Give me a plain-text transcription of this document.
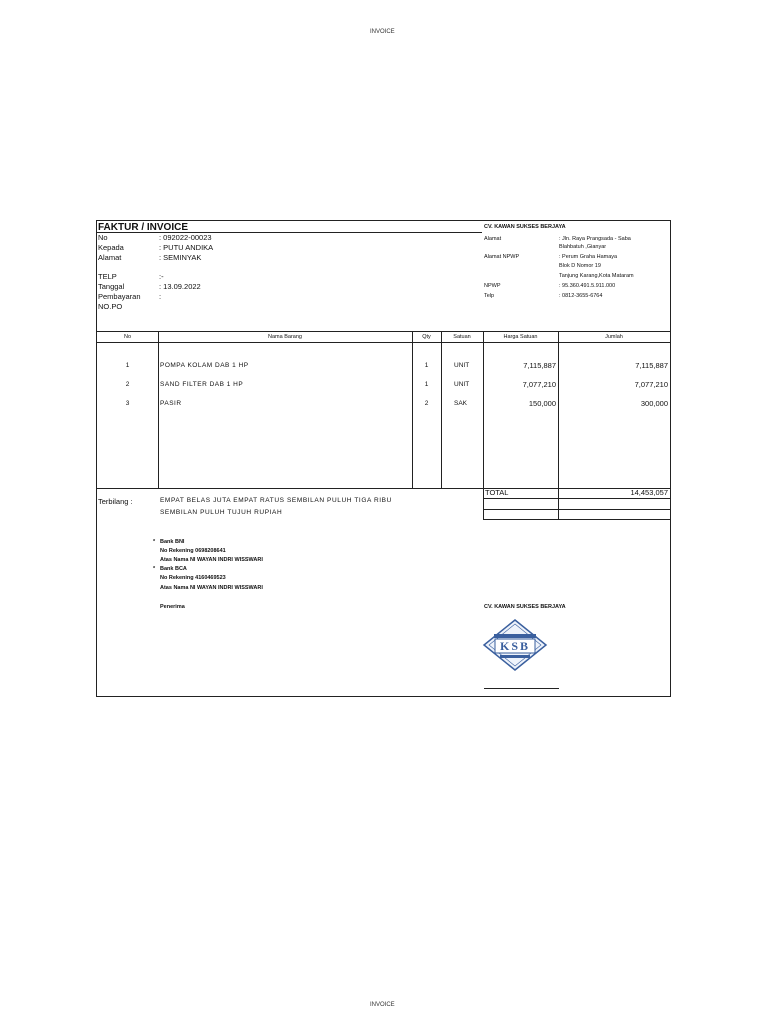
INVOICE
INVOICE
FAKTUR / INVOICE	CV. KAWAN SUKSES BERJAYA
No	: 092022-00023
Kepada	: PUTU ANDIKA
Alamat	: SEMINYAK
TELP	:-
Tanggal	: 13.09.2022
Pembayaran :
NO.PO
Alamat	: Jln. Raya Prangsada - Saba
Blahbatuh ,Gianyar
Alamat NPWP	: Perum Graha Hamaya
Blok D Nomor 19
Tanjung Karang,Kota Mataram
NPWP	: 95.360.491.5.911.000
Telp	: 0812-3655-6764
No	Nama Barang	Qty	Satuan	Harga Satuan	Jumlah
1	POMPA KOLAM DAB 1 HP	1	UNIT	7,115,887	7,115,887
2	SAND FILTER DAB 1 HP	1	UNIT	7,077,210	7,077,210
3	PASIR	2	SAK	150,000	300,000
TOTAL	14,453,057
Terbilang :	EMPAT BELAS JUTA EMPAT RATUS SEMBILAN PULUH TIGA RIBU
SEMBILAN PULUH TUJUH RUPIAH
* Bank BNI
No Rekening 0698208641
Atas Nama NI WAYAN INDRI WISSWARI
* Bank BCA
No Rekening 4160469523
Atas Nama NI WAYAN INDRI WISSWARI
Penerima	CV. KAWAN SUKSES BERJAYA
KSB
